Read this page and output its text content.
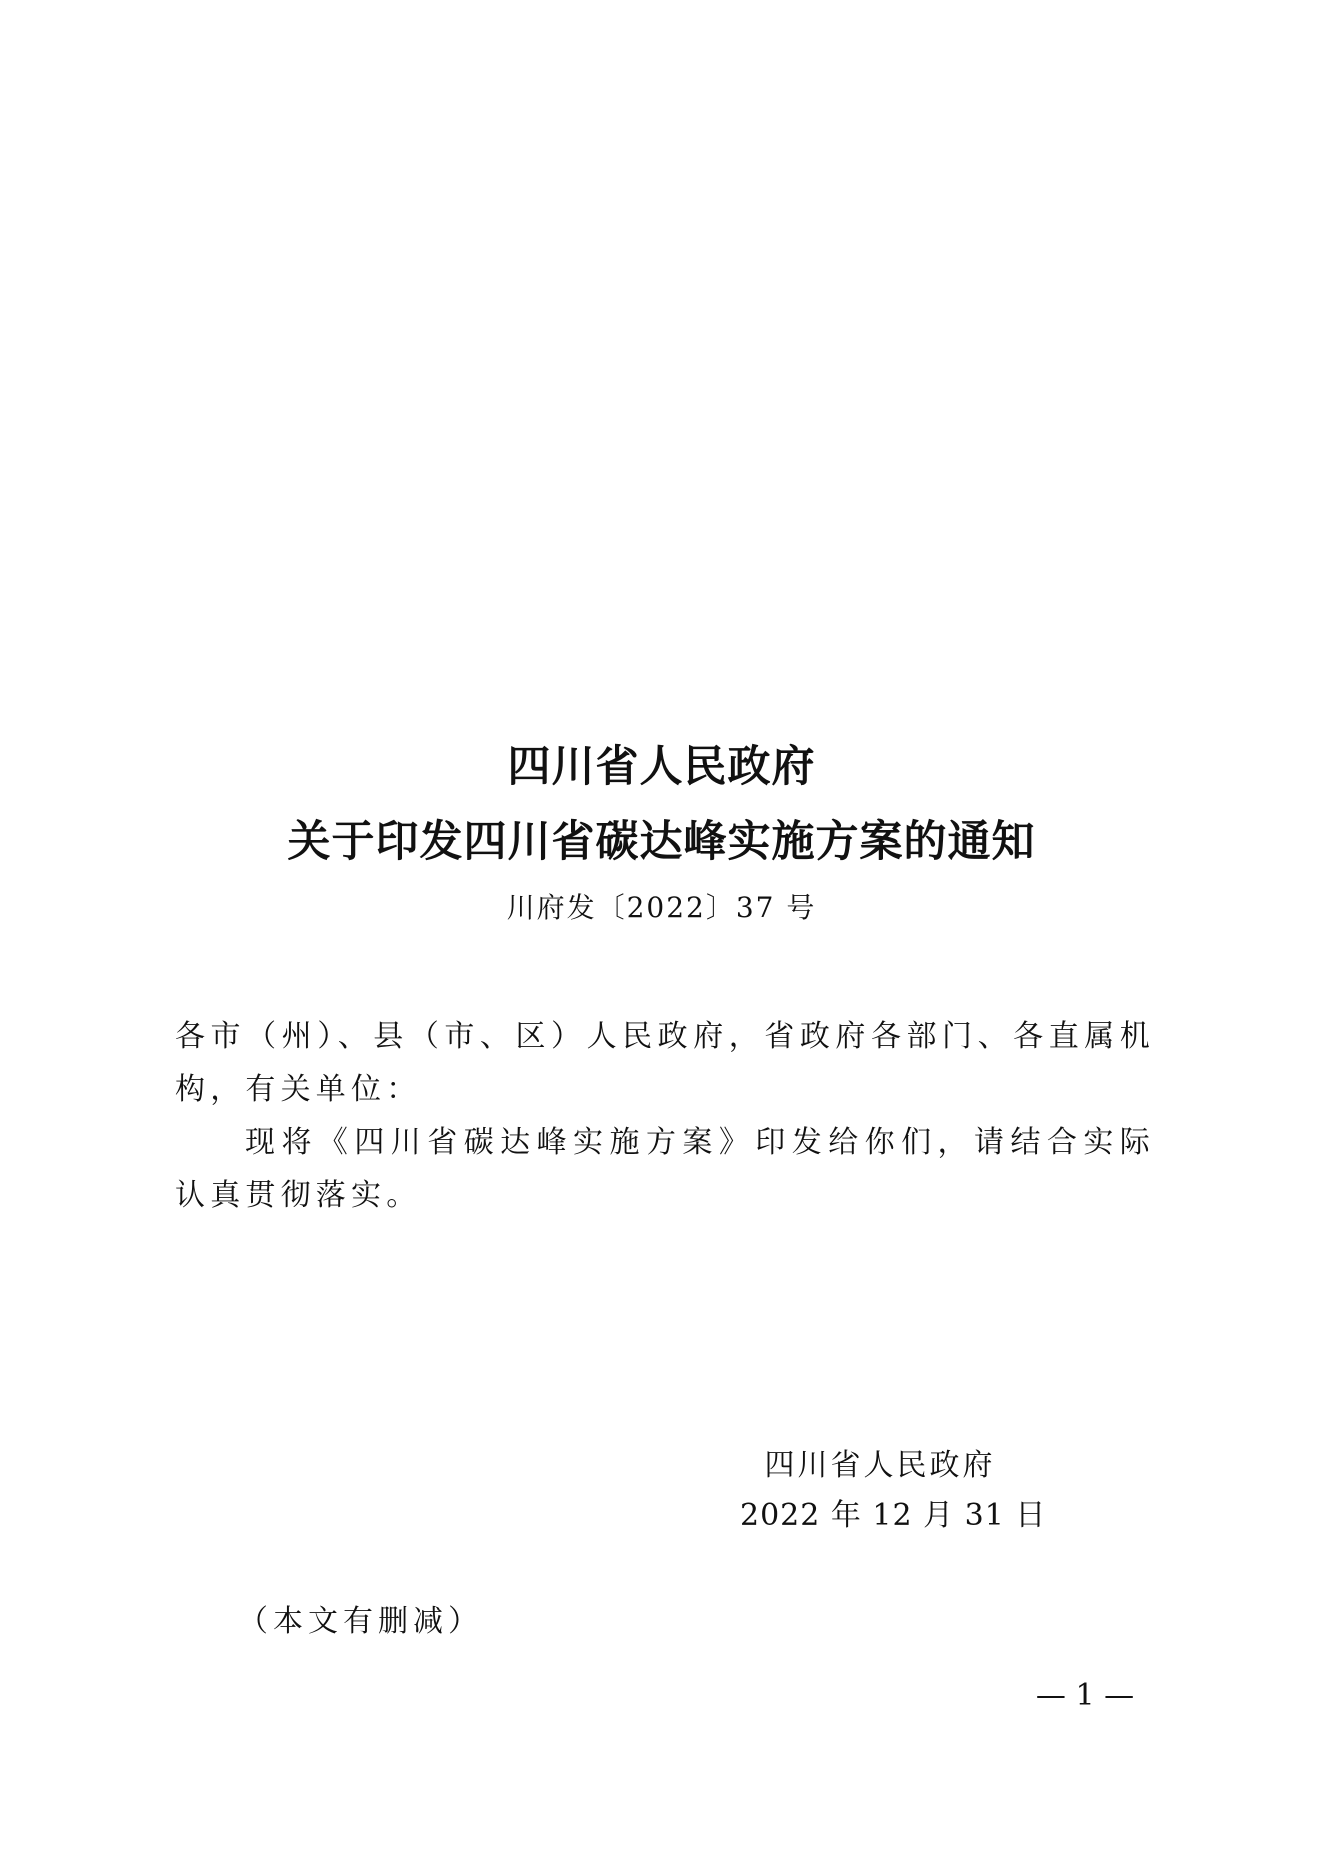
四川省人民政府
关于印发四川省碳达峰实施方案的通知
川府发〔2022〕37 号

各市（州）、县（市、区）人民政府，省政府各部门、各直属机构，有关单位：

现将《四川省碳达峰实施方案》印发给你们，请结合实际认真贯彻落实。

四川省人民政府
2022 年 12 月 31 日
（本文有删减）
— 1 —
